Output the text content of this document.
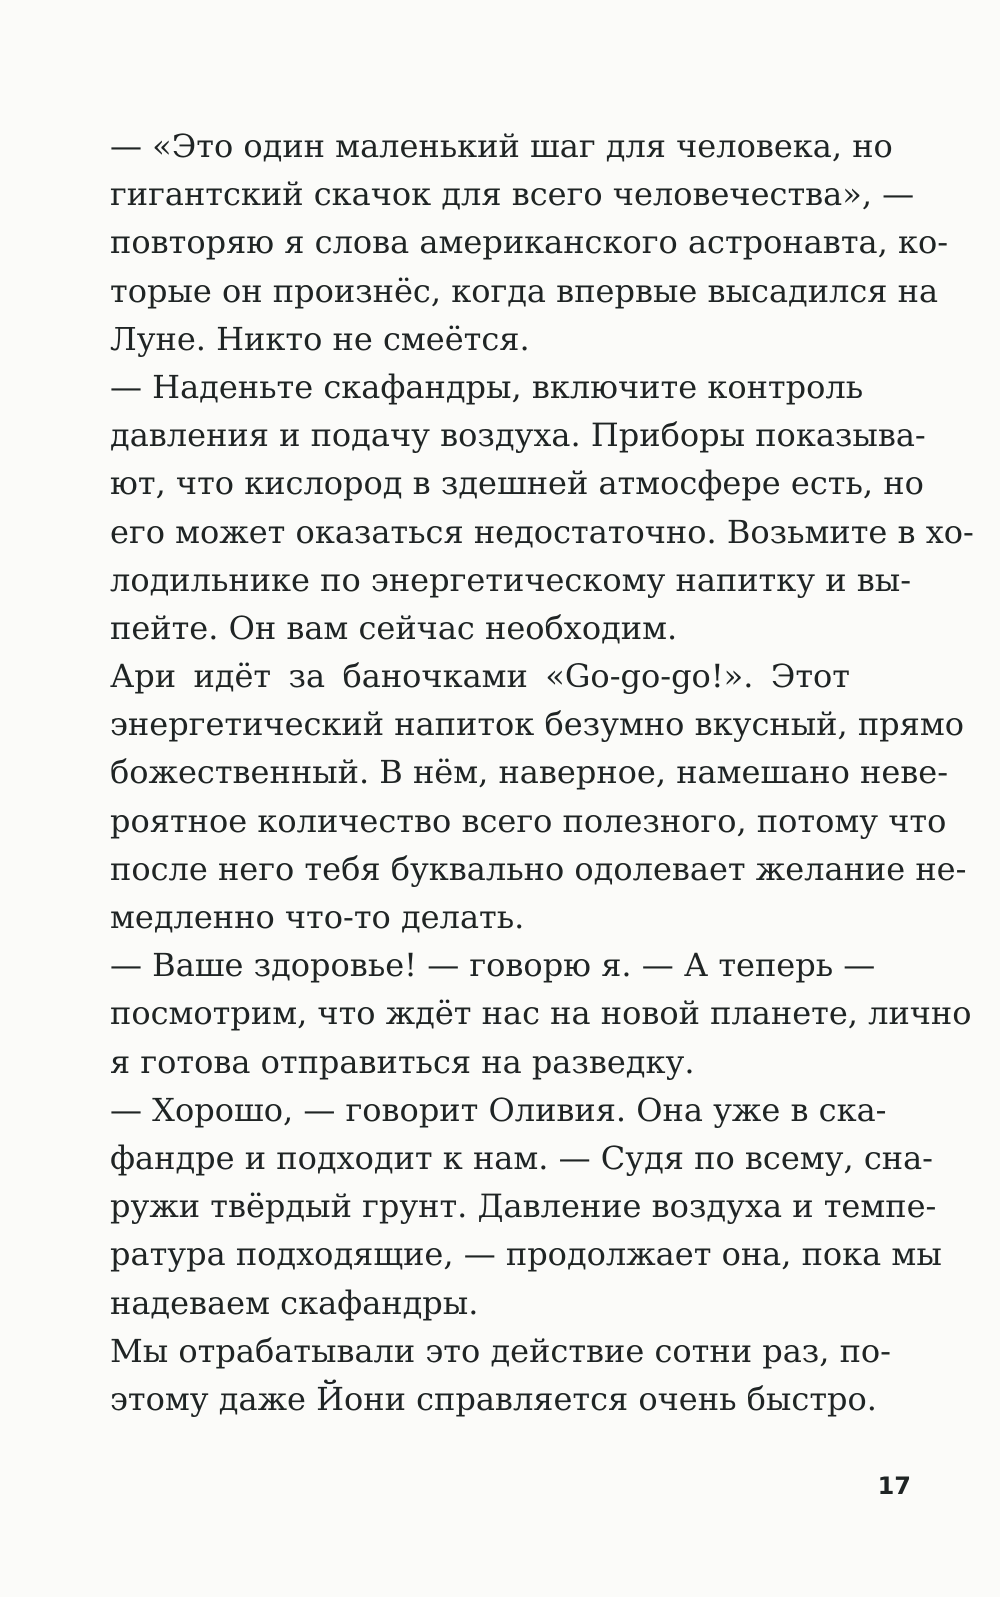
— «Это один маленький шаг для человека, но
гигантский скачок для всего человечества», —
повторяю я слова американского астронавта, ко-
торые он произнёс, когда впервые высадился на
Луне. Никто не смеётся.
— Наденьте скафандры, включите контроль
давления и подачу воздуха. Приборы показыва-
ют, что кислород в здешней атмосфере есть, но
его может оказаться недостаточно. Возьмите в хо-
лодильнике по энергетическому напитку и вы-
пейте. Он вам сейчас необходим.
Ари идёт за баночками «Go-go-go!». Этот
энергетический напиток безумно вкусный, прямо
божественный. В нём, наверное, намешано неве-
роятное количество всего полезного, потому что
после него тебя буквально одолевает желание не-
медленно что-то делать.
— Ваше здоровье! — говорю я. — А теперь —
посмотрим, что ждёт нас на новой планете, лично
я готова отправиться на разведку.
— Хорошо, — говорит Оливия. Она уже в ска-
фандре и подходит к нам. — Судя по всему, сна-
ружи твёрдый грунт. Давление воздуха и темпе-
ратура подходящие, — продолжает она, пока мы
надеваем скафандры.
Мы отрабатывали это действие сотни раз, по-
этому даже Йони справляется очень быстро.
17
